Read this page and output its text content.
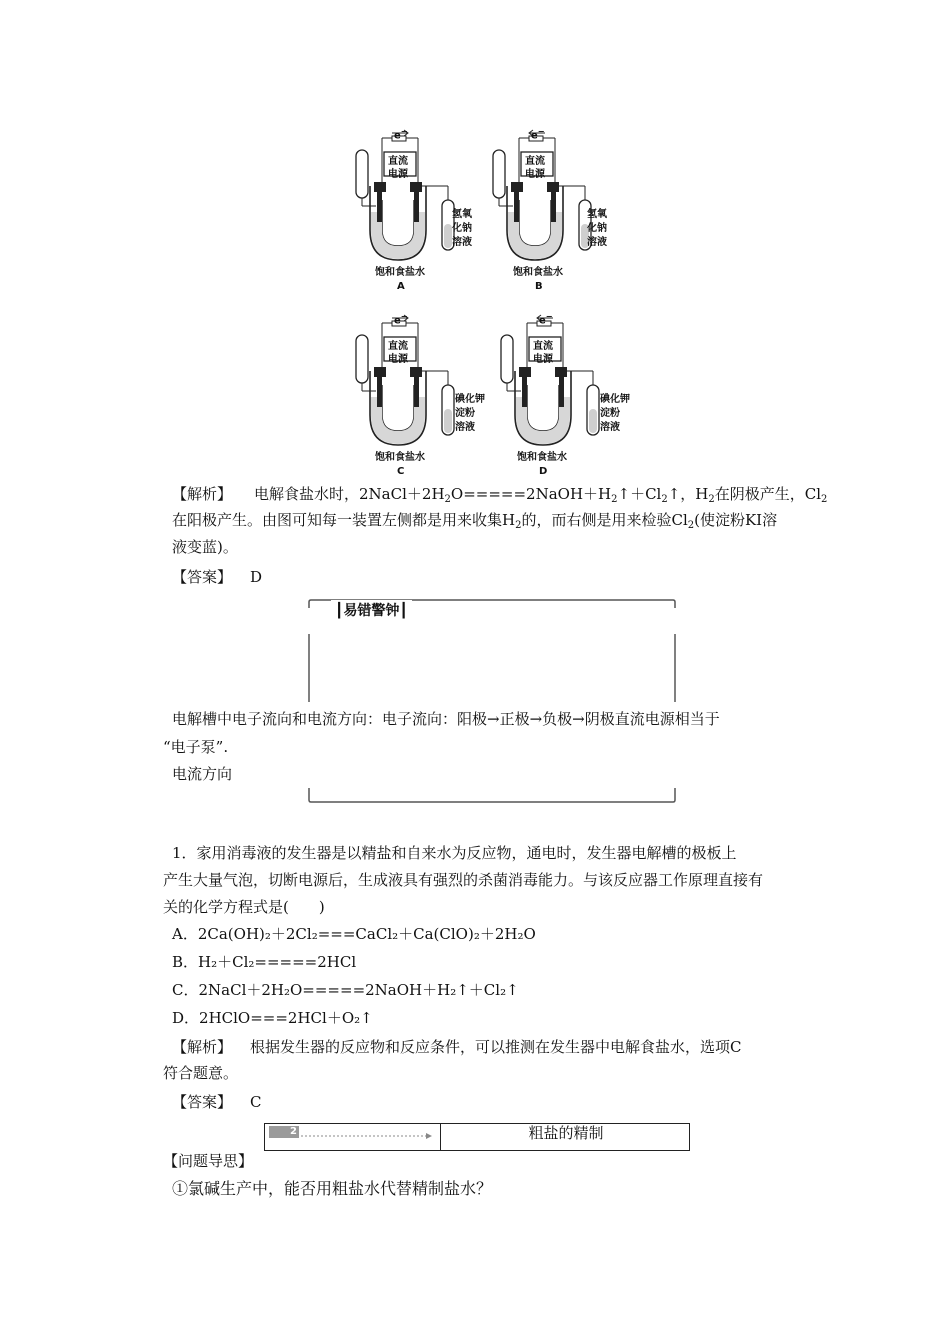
e−	e−
e−	e−
直流
电源
直流
电源
直流
电源
直流
电源
氢氧
化钠
溶液
氢氧
化钠
溶液
碘化钾
淀粉
溶液
碘化钾
淀粉
溶液
饱和食盐水	饱和食盐水
饱和食盐水	饱和食盐水
A	B
C	D
【解析】 电解食盐水时，$2NaCl+2H_2O=====2NaOH+H_2↑+Cl_2↑$，$H_2$在阴极产生，$Cl_2$
在阳极产生。由图可知每一装置左侧都是用来收集$H_2$的，而右侧是用来检验$Cl_2$(使淀粉KI溶
液变蓝)。
【答案】 D
┃易错警钟┃
电解槽中电子流向和电流方向：电子流向：阳极→正极→负极→阴极直流电源相当于
“电子泵”.
电流方向
1．家用消毒液的发生器是以精盐和自来水为反应物，通电时，发生器电解槽的极板上
产生大量气泡，切断电源后，生成液具有强烈的杀菌消毒能力。与该反应器工作原理直接有
关的化学方程式是(　　)
A．2Ca(OH)₂＋2Cl₂===CaCl₂＋Ca(ClO)₂＋2H₂O
B．H₂＋Cl₂=====2HCl
C．2NaCl＋2H₂O=====2NaOH＋H₂↑＋Cl₂↑
D．2HClO===2HCl＋O₂↑
【解析】 根据发生器的反应物和反应条件，可以推测在发生器中电解食盐水，选项C
符合题意。
【答案】 C
2	粗盐的精制
【问题导思】
①氯碱生产中，能否用粗盐水代替精制盐水？
